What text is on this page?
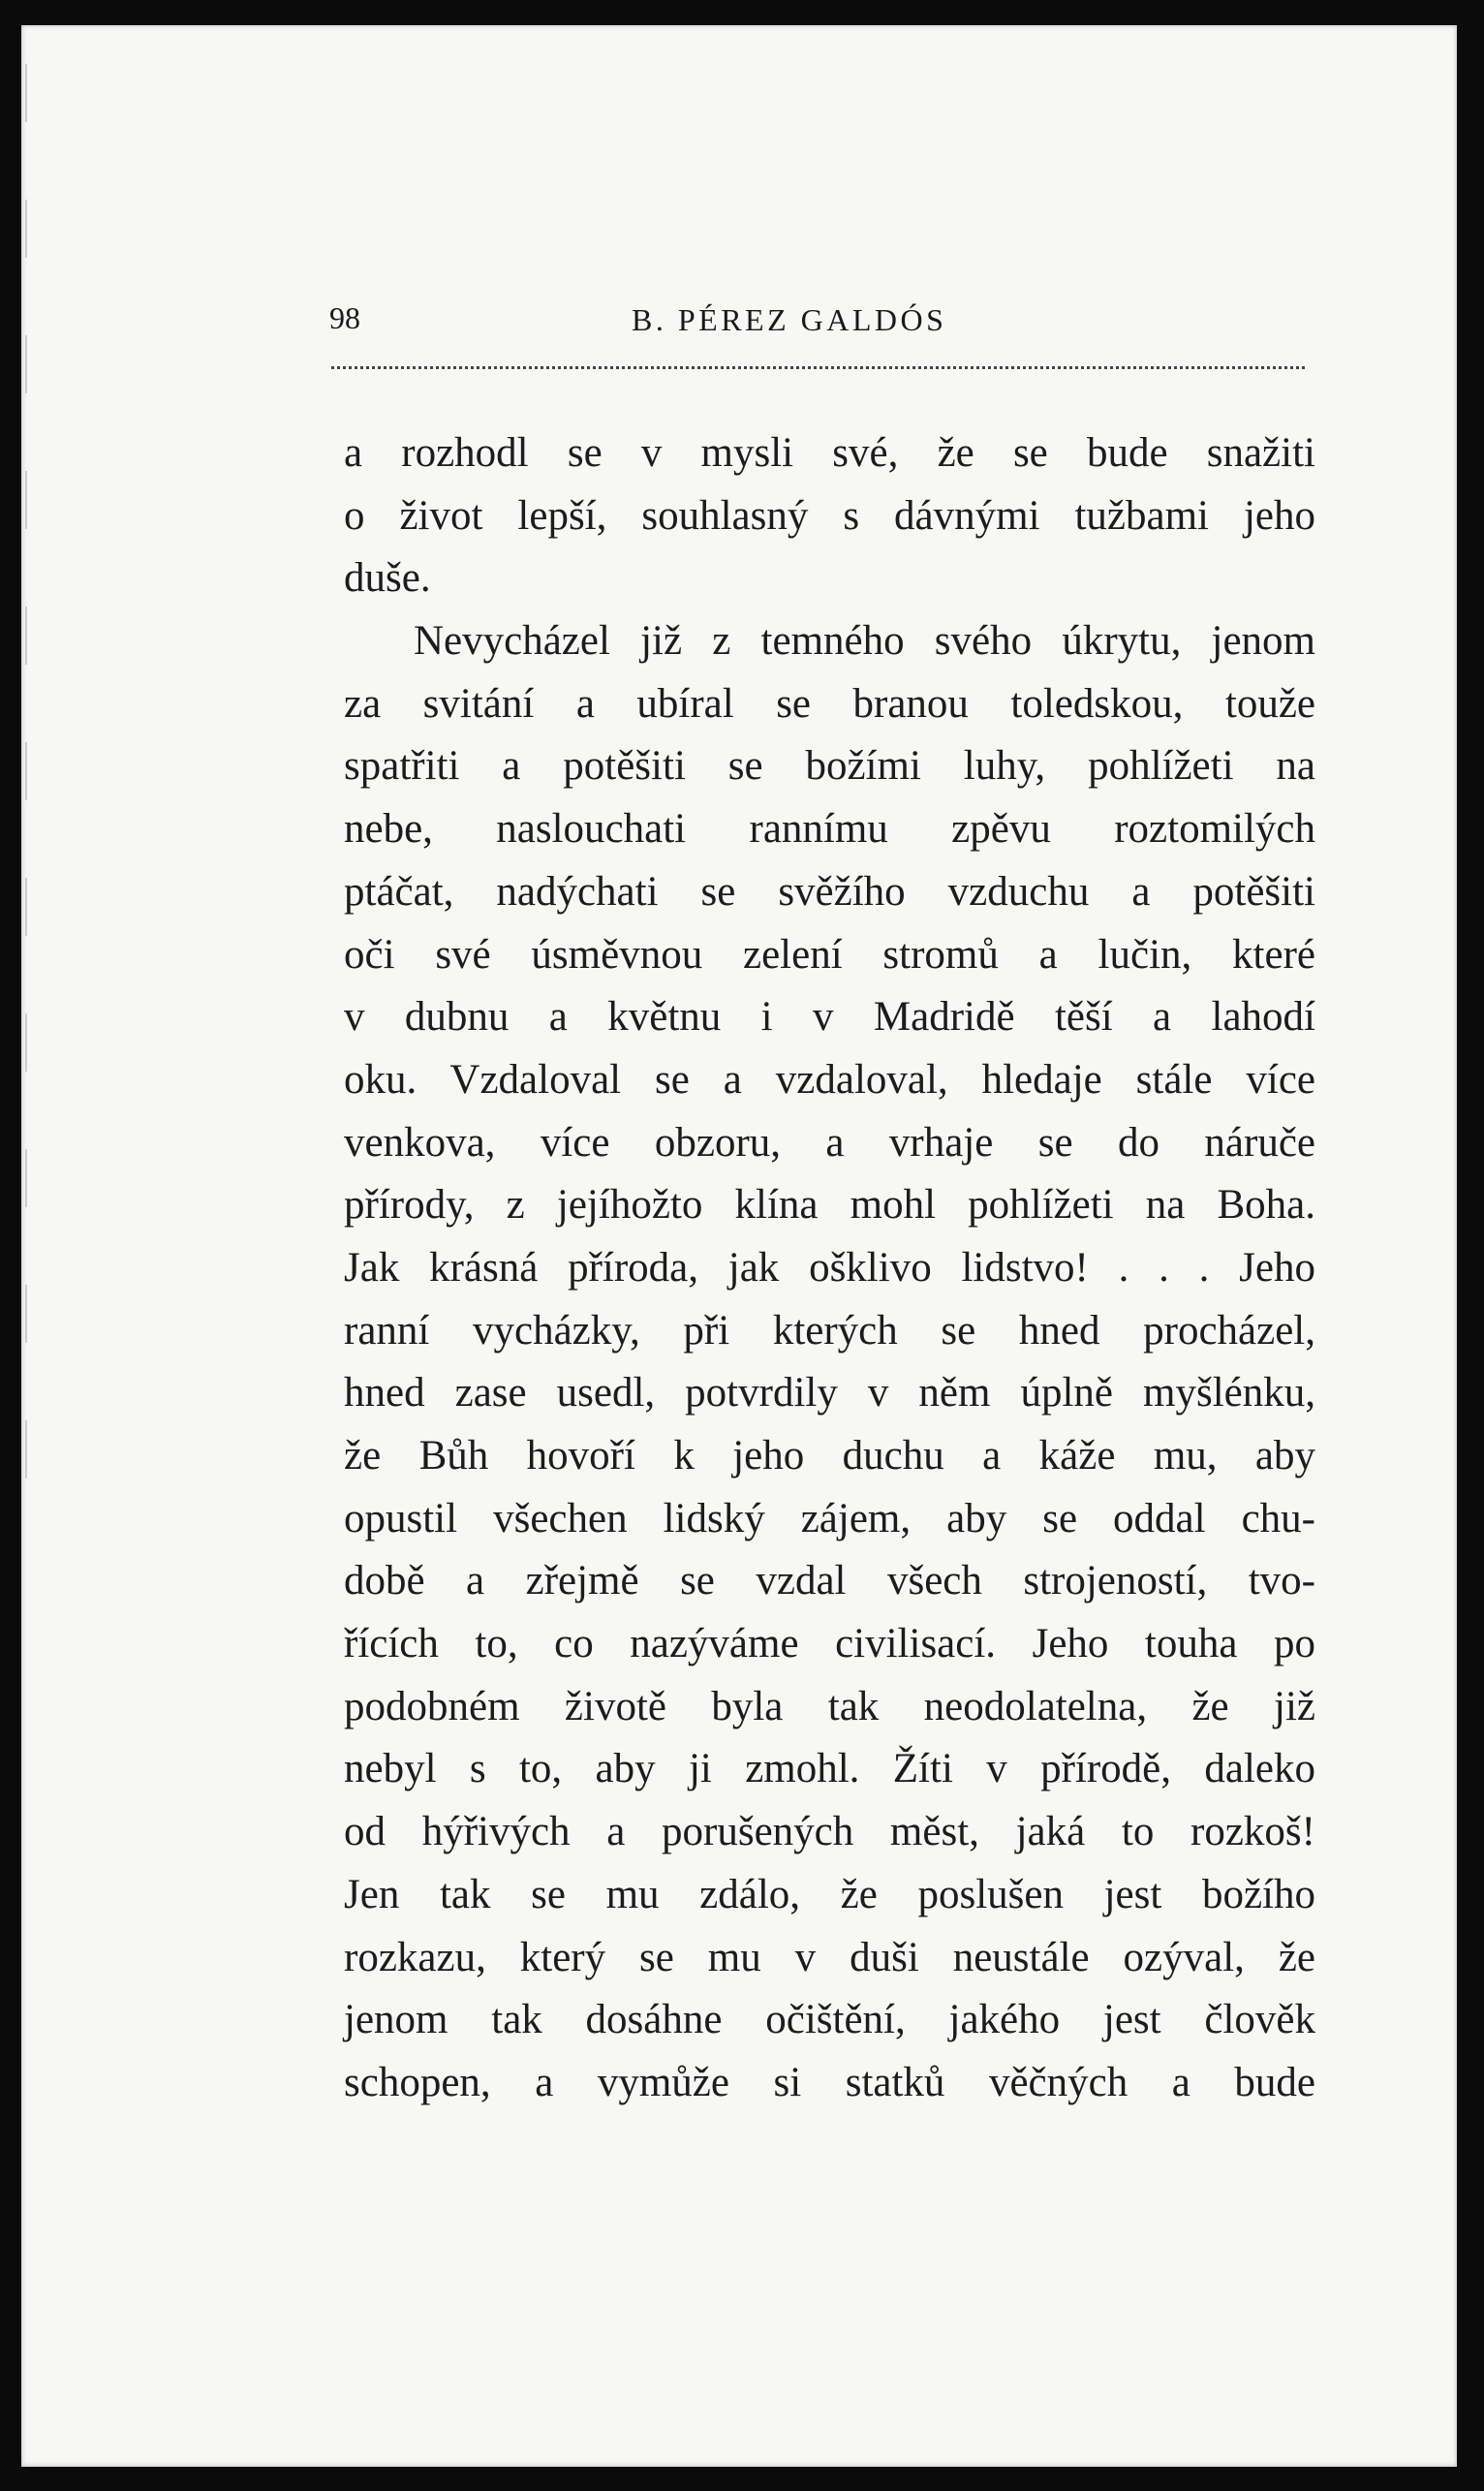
98	B. PÉREZ GALDÓS
a rozhodl se v mysli své, že se bude snažiti
o život lepší, souhlasný s dávnými tužbami jeho
duše.
Nevycházel již z temného svého úkrytu, jenom
za svitání a ubíral se branou toledskou, touže
spatřiti a potěšiti se božími luhy, pohlížeti na
nebe, naslouchati rannímu zpěvu roztomilých
ptáčat, nadýchati se svěžího vzduchu a potěšiti
oči své úsměvnou zelení stromů a lučin, které
v dubnu a květnu i v Madridě těší a lahodí
oku. Vzdaloval se a vzdaloval, hledaje stále více
venkova, více obzoru, a vrhaje se do náruče
přírody, z jejíhožto klína mohl pohlížeti na Boha.
Jak krásná příroda, jak ošklivo lidstvo! . . . Jeho
ranní vycházky, při kterých se hned procházel,
hned zase usedl, potvrdily v něm úplně myšlénku,
že Bůh hovoří k jeho duchu a káže mu, aby
opustil všechen lidský zájem, aby se oddal chu-
době a zřejmě se vzdal všech strojeností, tvo-
řících to, co nazýváme civilisací. Jeho touha po
podobném životě byla tak neodolatelna, že již
nebyl s to, aby ji zmohl. Žíti v přírodě, daleko
od hýřivých a porušených měst, jaká to rozkoš!
Jen tak se mu zdálo, že poslušen jest božího
rozkazu, který se mu v duši neustále ozýval, že
jenom tak dosáhne očištění, jakého jest člověk
schopen, a vymůže si statků věčných a bude
